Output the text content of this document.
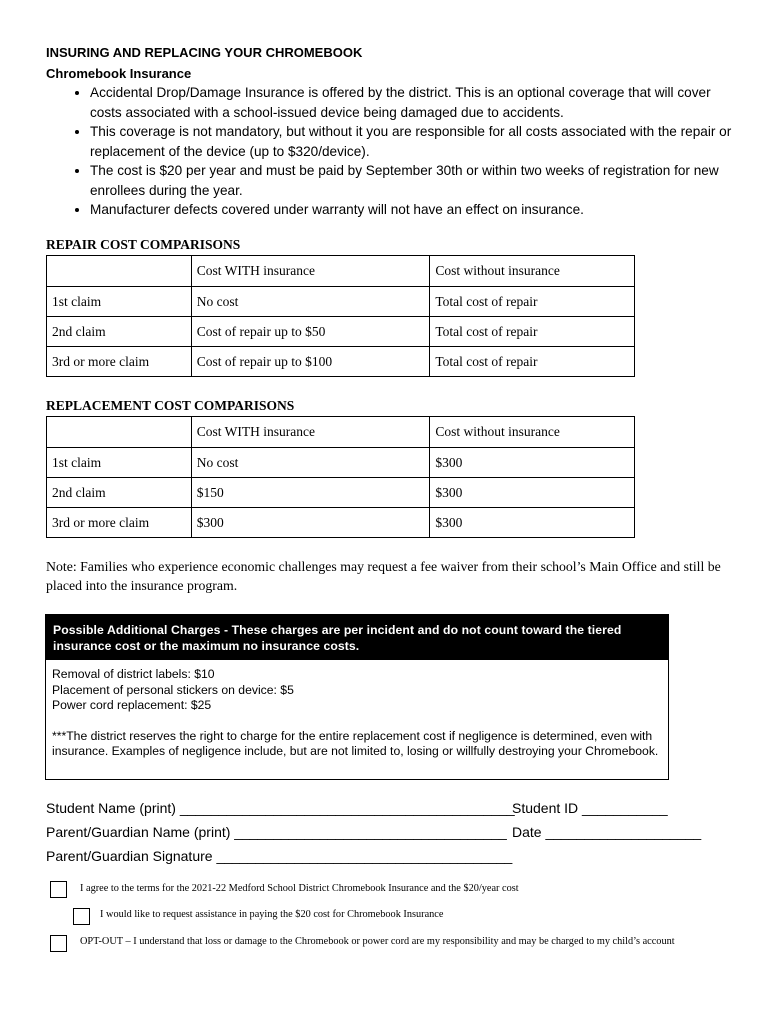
INSURING AND REPLACING YOUR CHROMEBOOK
Chromebook Insurance
• Accidental Drop/Damage Insurance is offered by the district. This is an optional coverage that will cover costs associated with a school-issued device being damaged due to accidents.
• This coverage is not mandatory, but without it you are responsible for all costs associated with the repair or replacement of the device (up to $320/device).
• The cost is $20 per year and must be paid by September 30th or within two weeks of registration for new enrollees during the year.
• Manufacturer defects covered under warranty will not have an effect on insurance.
REPAIR COST COMPARISONS
	Cost WITH insurance	Cost without insurance
1st claim	No cost	Total cost of repair
2nd claim	Cost of repair up to $50	Total cost of repair
3rd or more claim	Cost of repair up to $100	Total cost of repair
REPLACEMENT COST COMPARISONS
	Cost WITH insurance	Cost without insurance
1st claim	No cost	$300
2nd claim	$150	$300
3rd or more claim	$300	$300
Note: Families who experience economic challenges may request a fee waiver from their school’s Main Office and still be placed into the insurance program.
Possible Additional Charges - These charges are per incident and do not count toward the tiered insurance cost or the maximum no insurance costs.

Removal of district labels: $10

Placement of personal stickers on device: $5

Power cord replacement: $25

***The district reserves the right to charge for the entire replacement cost if negligence is determined, even with insurance. Examples of negligence include, but are not limited to, losing or willfully destroying your Chromebook.

Student Name (print) ___________________________________________
Student ID ___________
Parent/Guardian Name (print) ___________________________________ Date ____________________
Parent/Guardian Signature ______________________________________
I agree to the terms for the 2021-22 Medford School District Chromebook Insurance and the $20/year cost
I would like to request assistance in paying the $20 cost for Chromebook Insurance
OPT-OUT – I understand that loss or damage to the Chromebook or power cord are my responsibility and may be charged to my child’s account
